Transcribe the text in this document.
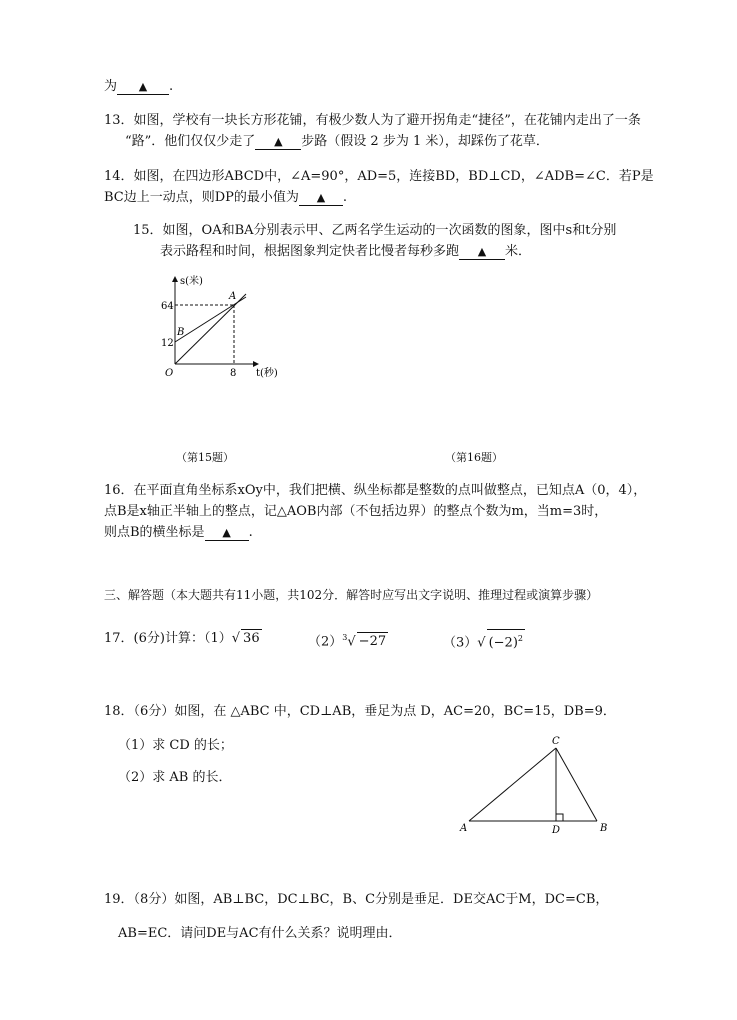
为 ▲ .
13．如图，学校有一块长方形花铺，有极少数人为了避开拐角走“捷径”，在花铺内走出了一条
“路”．他们仅仅少走了 ▲ 步路（假设 2 步为 1 米），却踩伤了花草．
14．如图，在四边形ABCD中，∠A=90°，AD=5，连接BD，BD⊥CD，∠ADB=∠C．若P是
BC边上一动点，则DP的最小值为 ▲ .
15．如图，OA和BA分别表示甲、乙两名学生运动的一次函数的图象，图中s和t分别
表示路程和时间，根据图象判定快者比慢者每秒多跑 ▲ 米．
s(米)
t(秒)
O
64
12
8
A
B
（第15题）	（第16题）
16．在平面直角坐标系xOy中，我们把横、纵坐标都是整数的点叫做整点，已知点A（0，4），
点B是x轴正半轴上的整点，记△AOB内部（不包括边界）的整点个数为m，当m=3时，
则点B的横坐标是 ▲ .
三、解答题（本大题共有11小题，共102分．解答时应写出文字说明、推理过程或演算步骤）
17．(6分)计算：（1）√ 36	$(2)^3√ -27$	（3）√ $(-2)^2$
18．（6分）如图，在 △ABC 中，CD⊥AB，垂足为点 D，AC=20，BC=15，DB=9．
（1）求 CD 的长；
（2）求 AB 的长．
A	B
C
D
19．（8分）如图，AB⊥BC，DC⊥BC，B、C分别是垂足．DE交AC于M，DC=CB，
AB=EC．请问DE与AC有什么关系？说明理由．
